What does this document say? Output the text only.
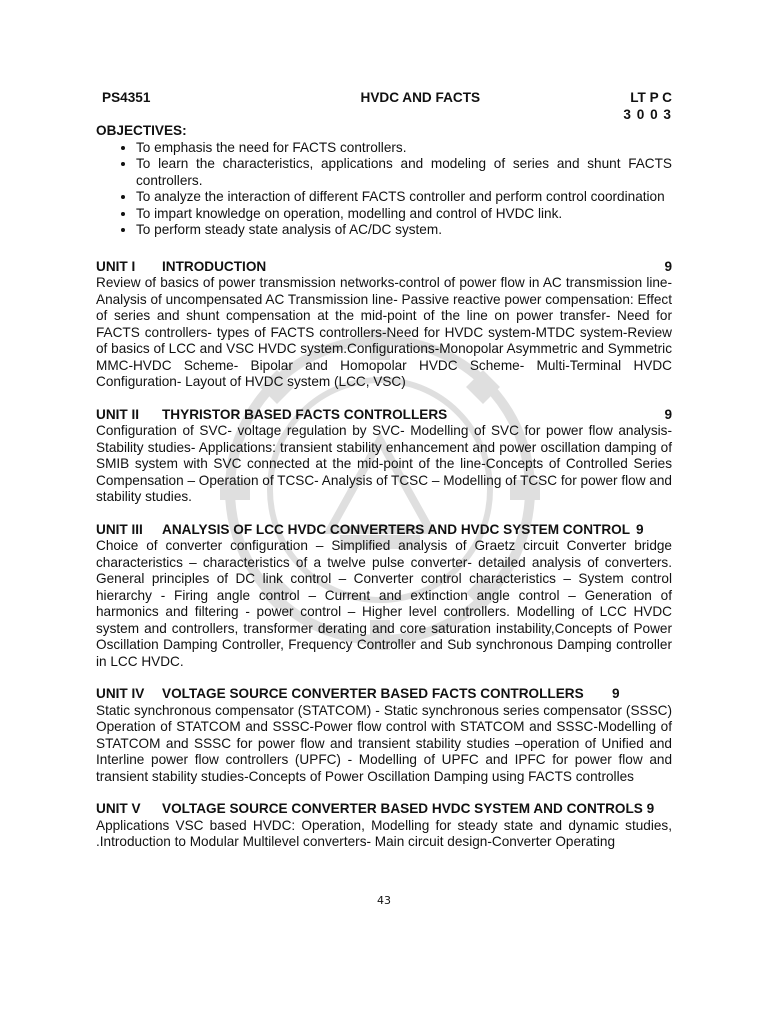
PS4351	HVDC AND FACTS	LT P C
3 0 0 3
OBJECTIVES:
• To emphasis the need for FACTS controllers.
• To learn the characteristics, applications and modeling of series and shunt FACTS controllers.
• To analyze the interaction of different FACTS controller and perform control coordination
• To impart knowledge on operation, modelling and control of HVDC link.
• To perform steady state analysis of AC/DC system.
UNIT I	INTRODUCTION	9
Review of basics of power transmission networks-control of power flow in AC transmission line- Analysis of uncompensated AC Transmission line- Passive reactive power compensation: Effect of series and shunt compensation at the mid-point of the line on power transfer- Need for FACTS controllers- types of FACTS controllers-Need for HVDC system-MTDC system-Review of basics of LCC and VSC HVDC system.Configurations-Monopolar Asymmetric and Symmetric MMC-HVDC Scheme- Bipolar and Homopolar HVDC Scheme- Multi-Terminal HVDC Configuration- Layout of HVDC system (LCC, VSC)
UNIT II	THYRISTOR BASED FACTS CONTROLLERS	9
Configuration of SVC- voltage regulation by SVC- Modelling of SVC for power flow analysis-Stability studies- Applications: transient stability enhancement and power oscillation damping of SMIB system with SVC connected at the mid-point of the line-Concepts of Controlled Series Compensation – Operation of TCSC- Analysis of TCSC – Modelling of TCSC for power flow and stability studies.
UNIT III	ANALYSIS OF LCC HVDC CONVERTERS AND HVDC SYSTEM CONTROL 9
Choice of converter configuration – Simplified analysis of Graetz circuit Converter bridge characteristics – characteristics of a twelve pulse converter- detailed analysis of converters. General principles of DC link control – Converter control characteristics – System control hierarchy - Firing angle control – Current and extinction angle control – Generation of harmonics and filtering - power control – Higher level controllers. Modelling of LCC HVDC system and controllers, transformer derating and core saturation instability,Concepts of Power Oscillation Damping Controller, Frequency Controller and Sub synchronous Damping controller in LCC HVDC.
UNIT IV	VOLTAGE SOURCE CONVERTER BASED FACTS CONTROLLERS	9
Static synchronous compensator (STATCOM) - Static synchronous series compensator (SSSC) Operation of STATCOM and SSSC-Power flow control with STATCOM and SSSC-Modelling of STATCOM and SSSC for power flow and transient stability studies –operation of Unified and Interline power flow controllers (UPFC) - Modelling of UPFC and IPFC for power flow and transient stability studies-Concepts of Power Oscillation Damping using FACTS controlles
UNIT V	VOLTAGE SOURCE CONVERTER BASED HVDC SYSTEM AND CONTROLS 9
Applications VSC based HVDC: Operation, Modelling for steady state and dynamic studies, .Introduction to Modular Multilevel converters- Main circuit design-Converter Operating
43
